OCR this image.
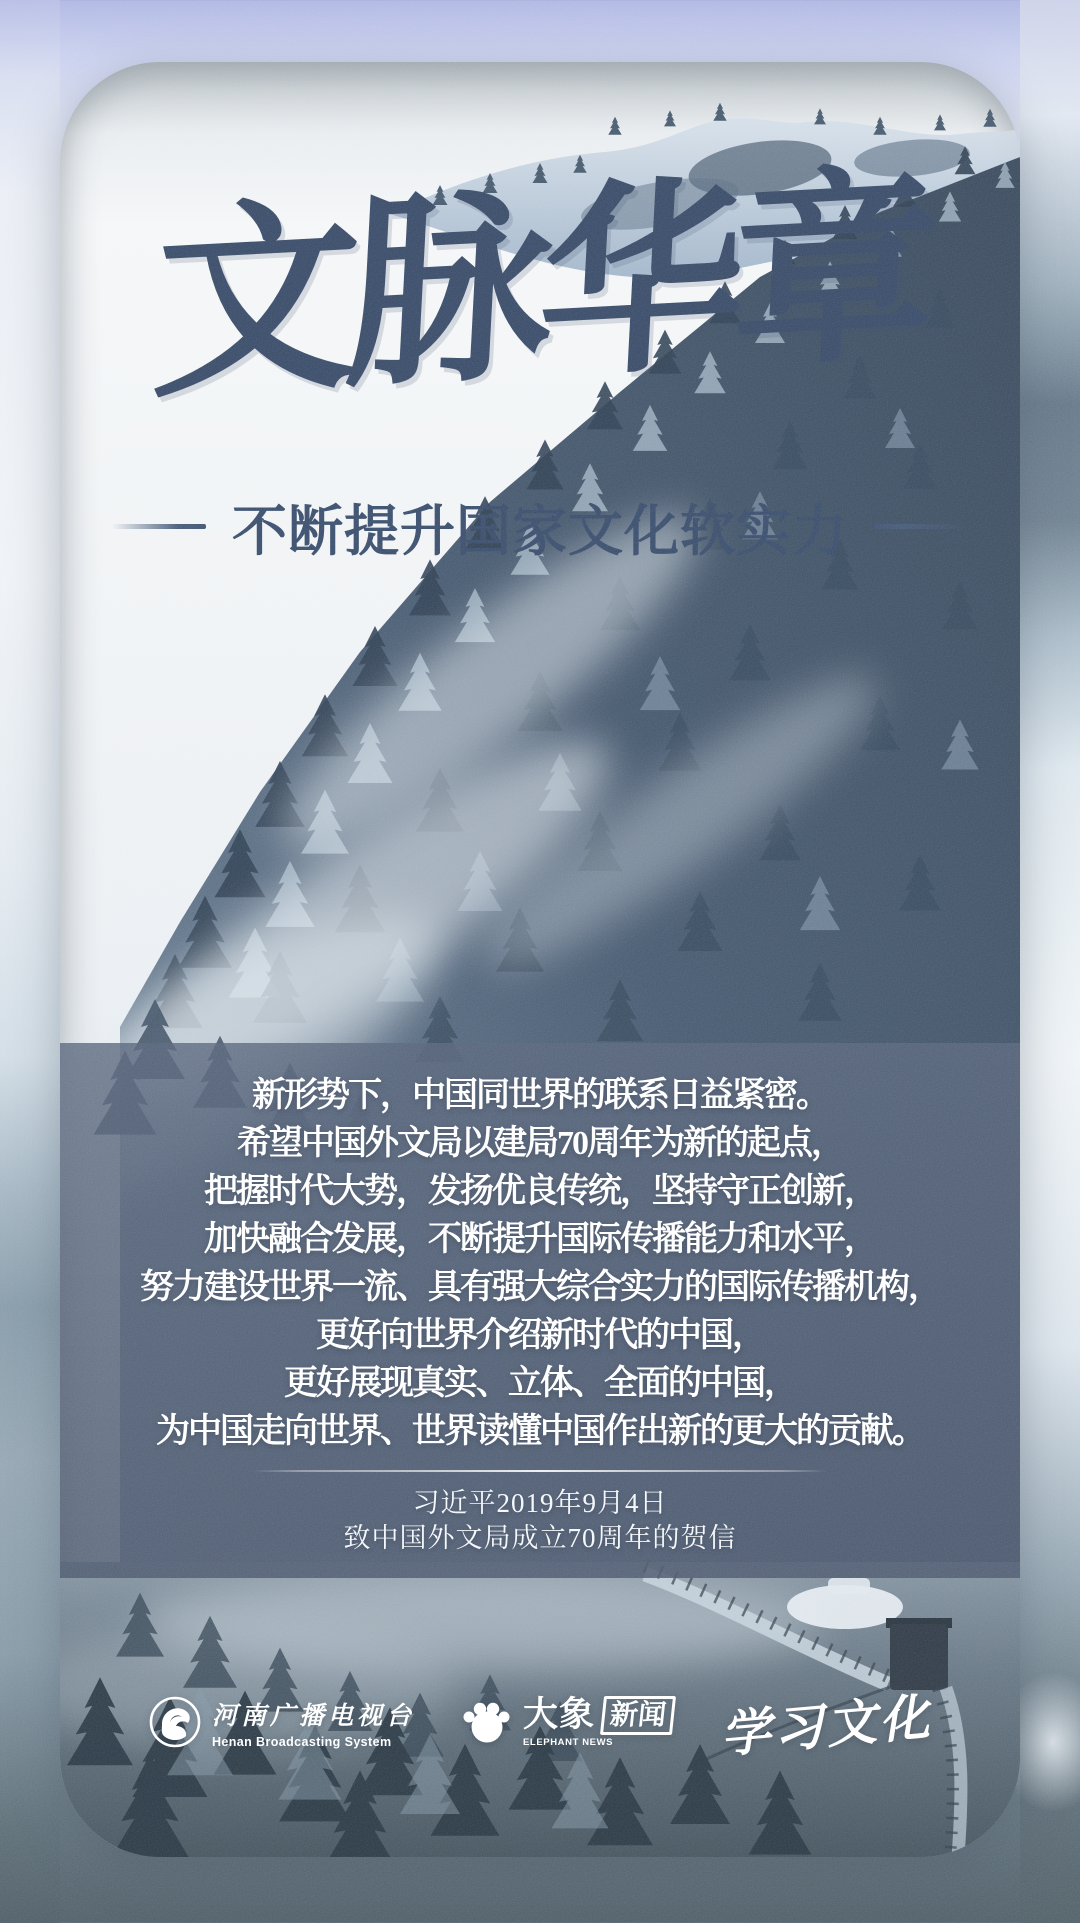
文脉华章
不断提升国家文化软实力

新形势下，中国同世界的联系日益紧密。

希望中国外文局以建局70周年为新的起点，

把握时代大势，发扬优良传统，坚持守正创新，

加快融合发展，不断提升国际传播能力和水平，

努力建设世界一流、具有强大综合实力的国际传播机构，

更好向世界介绍新时代的中国，

更好展现真实、立体、全面的中国，

为中国走向世界、世界读懂中国作出新的更大的贡献。

习近平2019年9月4日

致中国外文局成立70周年的贺信

河南广播电视台
Henan Broadcasting System
大象 新闻
ELEPHANT NEWS 学习文化
